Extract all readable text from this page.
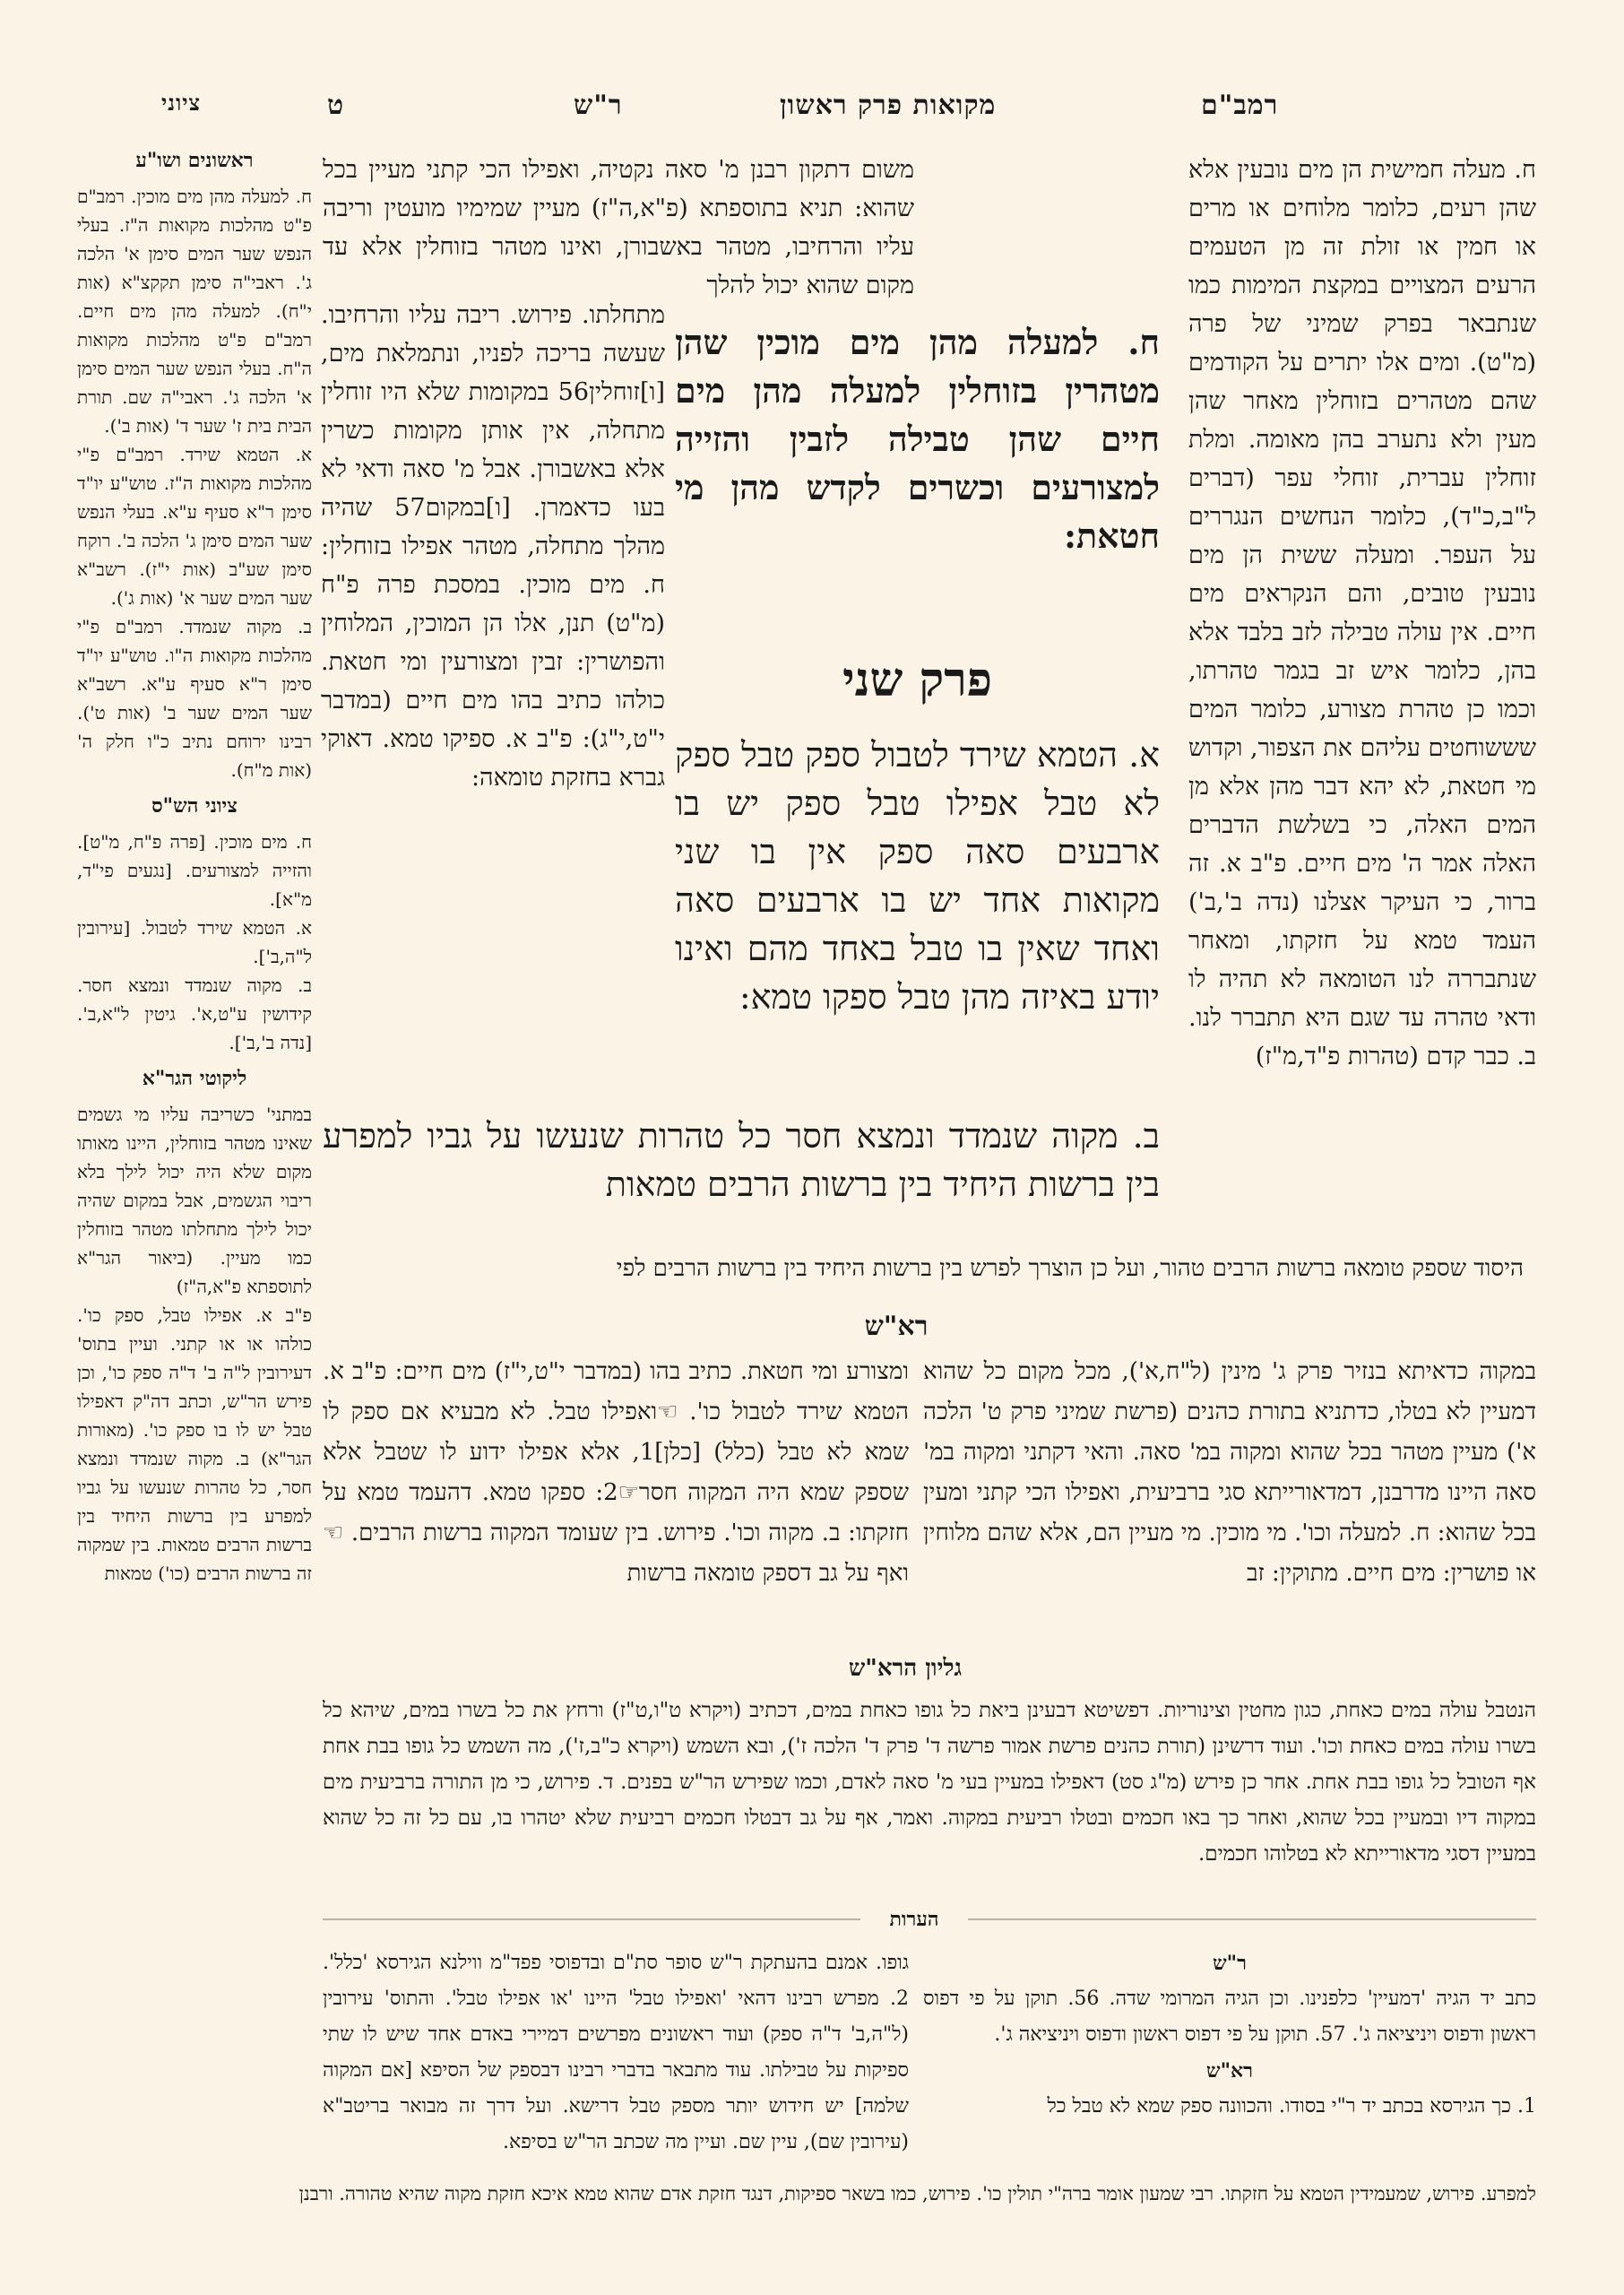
רמב"ם
מקואות פרק ראשון
ר"ש
ט
ציוני
ח. מעלה חמישית הן מים נובעין אלא שהן רעים, כלומר מלוחים או מרים או חמין או זולת זה מן הטעמים הרעים המצויים במקצת המימות כמו שנתבאר בפרק שמיני של פרה (מ"ט). ומים אלו יתרים על הקודמים שהם מטהרים בזוחלין מאחר שהן מעין ולא נתערב בהן מאומה. ומלת זוחלין עברית, זוחלי עפר (דברים ל"ב,כ"ד), כלומר הנחשים הנגררים על העפר. ומעלה ששית הן מים נובעין טובים, והם הנקראים מים חיים. אין עולה טבילה לזב בלבד אלא בהן, כלומר איש זב בגמר טהרתו, וכמו כן טהרת מצורע, כלומר המים שששוחטים עליהם את הצפור, וקדוש מי חטאת, לא יהא דבר מהן אלא מן המים האלה, כי בשלשת הדברים האלה אמר ה' מים חיים. פ"ב א. זה ברור, כי העיקר אצלנו (נדה ב',ב') העמד טמא על חזקתו, ומאחר שנתבררה לנו הטומאה לא תהיה לו ודאי טהרה עד שגם היא תתברר לנו. ב. כבר קדם (טהרות פ"ד,מ"ז)
משום דתקון רבנן מ' סאה נקטיה, ואפילו הכי קתני מעיין בכל שהוא: תניא בתוספתא (פ"א,ה"ז) מעיין שמימיו מועטין וריבה עליו והרחיבו, מטהר באשבורן, ואינו מטהר בזוחלין אלא עד מקום שהוא יכול להלך

ח. למעלה מהן מים מוכין שהן מטהרין בזוחלין למעלה מהן מים חיים שהן טבילה לזבין והזייה למצורעים וכשרים לקדש מהן מי חטאת:

פרק שני

א. הטמא שירד לטבול ספק טבל ספק לא טבל אפילו טבל ספק יש בו ארבעים סאה ספק אין בו שני מקואות אחד יש בו ארבעים סאה ואחד שאין בו טבל באחד מהם ואינו יודע באיזה מהן טבל ספקו טמא:

ב. מקוה שנמדד ונמצא חסר כל טהרות שנעשו על גביו למפרע בין ברשות היחיד בין ברשות הרבים טמאות
מתחלתו. פירוש. ריבה עליו והרחיבו. שעשה בריכה לפניו, ונתמלאת מים, [ו]זוחלין56 במקומות שלא היו זוחלין מתחלה, אין אותן מקומות כשרין אלא באשבורן. אבל מ' סאה ודאי לא בעו כדאמרן. [ו]במקום57 שהיה מהלך מתחלה, מטהר אפילו בזוחלין: ח. מים מוכין. במסכת פרה פ"ח (מ"ט) תנן, אלו הן המוכין, המלוחין והפושרין: זבין ומצורעין ומי חטאת. כולהו כתיב בהו מים חיים (במדבר י"ט,י"ג): פ"ב א. ספיקו טמא. דאוקי גברא בחזקת טומאה:
ראשונים ושו"ע

ח. למעלה מהן מים מוכין. רמב"ם פ"ט מהלכות מקואות ה"ז. בעלי הנפש שער המים סימן א' הלכה ג'. ראבי"ה סימן תקקצ"א (אות י"ח). למעלה מהן מים חיים. רמב"ם פ"ט מהלכות מקואות ה"ח. בעלי הנפש שער המים סימן א' הלכה ג'. ראבי"ה שם. תורת הבית בית ז' שער ד' (אות ב').

א. הטמא שירד. רמב"ם פ"י מהלכות מקואות ה"ז. טוש"ע יו"ד סימן ר"א סעיף ע"א. בעלי הנפש שער המים סימן ג' הלכה ב'. רוקח סימן שע"ב (אות י"ז). רשב"א שער המים שער א' (אות ג').

ב. מקוה שנמדד. רמב"ם פ"י מהלכות מקואות ה"ו. טוש"ע יו"ד סימן ר"א סעיף ע"א. רשב"א שער המים שער ב' (אות ט'). רבינו ירוחם נתיב כ"ו חלק ה' (אות מ"ח).

ציוני הש"ס

ח. מים מוכין. [פרה פ"ח, מ"ט]. והזייה למצורעים. [נגעים פי"ד, מ"א].

א. הטמא שירד לטבול. [עירובין ל"ה,ב'].

ב. מקוה שנמדד ונמצא חסר. קידושין ע"ט,א'. גיטין ל"א,ב'. [נדה ב',ב'].

ליקוטי הגר"א

במתני' כשריבה עליו מי גשמים שאינו מטהר בזוחלין, היינו מאותו מקום שלא היה יכול לילך בלא ריבוי הגשמים, אבל במקום שהיה יכול לילך מתחלתו מטהר בזוחלין כמו מעיין. (ביאור הגר"א לתוספתא פ"א,ה"ז)

פ"ב א. אפילו טבל, ספק כו'. כולהו או או קתני. ועיין בתוס' דעירובין ל"ה ב' ד"ה ספק כו', וכן פירש הר"ש, וכתב דה"ק דאפילו טבל יש לו בו ספק כו'. (מאורות הגר"א) ב. מקוה שנמדד ונמצא חסר, כל טהרות שנעשו על גביו למפרע בין ברשות היחיד בין ברשות הרבים טמאות. בין שמקוה זה ברשות הרבים (כו') טמאות

היסוד שספק טומאה ברשות הרבים טהור, ועל כן הוצרך לפרש בין ברשות היחיד בין ברשות הרבים לפי
רא"ש
במקוה כדאיתא בנזיר פרק ג' מינין (ל"ח,א'), מכל מקום כל שהוא דמעיין לא בטלו, כדתניא בתורת כהנים (פרשת שמיני פרק ט' הלכה א') מעיין מטהר בכל שהוא ומקוה במ' סאה. והאי דקתני ומקוה במ' סאה היינו מדרבנן, דמדאורייתא סגי ברביעית, ואפילו הכי קתני ומעין בכל שהוא: ח. למעלה וכו'. מי מוכין. מי מעיין הם, אלא שהם מלוחין או פושרין: מים חיים. מתוקין: זב
ומצורע ומי חטאת. כתיב בהו (במדבר י"ט,י"ז) מים חיים: פ"ב א. הטמא שירד לטבול כו'. ☜ואפילו טבל. לא מבעיא אם ספק לו שמא לא טבל (כלל) [כלן]1, אלא אפילו ידוע לו שטבל אלא שספק שמא היה המקוה חסר☞2: ספקו טמא. דהעמד טמא על חזקתו: ב. מקוה וכו'. פירוש. בין שעומד המקוה ברשות הרבים. ☜ואף על גב דספק טומאה ברשות
גליון הרא"ש
הנטבל עולה במים כאחת, כגון מחטין וצינוריות. דפשיטא דבעינן ביאת כל גופו כאחת במים, דכתיב (ויקרא ט"ו,ט"ז) ורחץ את כל בשרו במים, שיהא כל בשרו עולה במים כאחת וכו'. ועוד דרשינן (תורת כהנים פרשת אמור פרשה ד' פרק ד' הלכה ז'), ובא השמש (ויקרא כ"ב,ז'), מה השמש כל גופו בבת אחת אף הטובל כל גופו בבת אחת. אחר כן פירש (מ"ג סט) דאפילו במעיין בעי מ' סאה לאדם, וכמו שפירש הר"ש בפנים. ד. פירוש, כי מן התורה ברביעית מים במקוה דיו ובמעיין בכל שהוא, ואחר כך באו חכמים ובטלו רביעית במקוה. ואמר, אף על גב דבטלו חכמים רביעית שלא יטהרו בו, עם כל זה כל שהוא במעיין דסגי מדאורייתא לא בטלוהו חכמים.
הערות
ר"ש
כתב יד הגיה 'דמעיין' כלפנינו. וכן הגיה המרומי שדה. 56. תוקן על פי דפוס ראשון ודפוס ויניציאה ג'. 57. תוקן על פי דפוס ראשון ודפוס ויניציאה ג'.
רא"ש
1. כך הגירסא בכתב יד ר"י בסודו. והכוונה ספק שמא לא טבל כל
גופו. אמנם בהעתקת ר"ש סופר סת"ם ובדפוסי פפד"מ ווילנא הגירסא 'כלל'. 2. מפרש רבינו דהאי 'ואפילו טבל' היינו 'או אפילו טבל'. והתוס' עירובין (ל"ה,ב' ד"ה ספק) ועוד ראשונים מפרשים דמיירי באדם אחד שיש לו שתי ספיקות על טבילתו. עוד מתבאר בדברי רבינו דבספק של הסיפא [אם המקוה שלמה] יש חידוש יותר מספק טבל דרישא. ועל דרך זה מבואר בריטב"א (עירובין שם), עיין שם. ועיין מה שכתב הר"ש בסיפא.
למפרע. פירוש, שמעמידין הטמא על חזקתו. רבי שמעון אומר ברה"י תולין כו'. פירוש, כמו בשאר ספיקות, דנגד חזקת אדם שהוא טמא איכא חזקת מקוה שהיא טהורה. ורבנן
